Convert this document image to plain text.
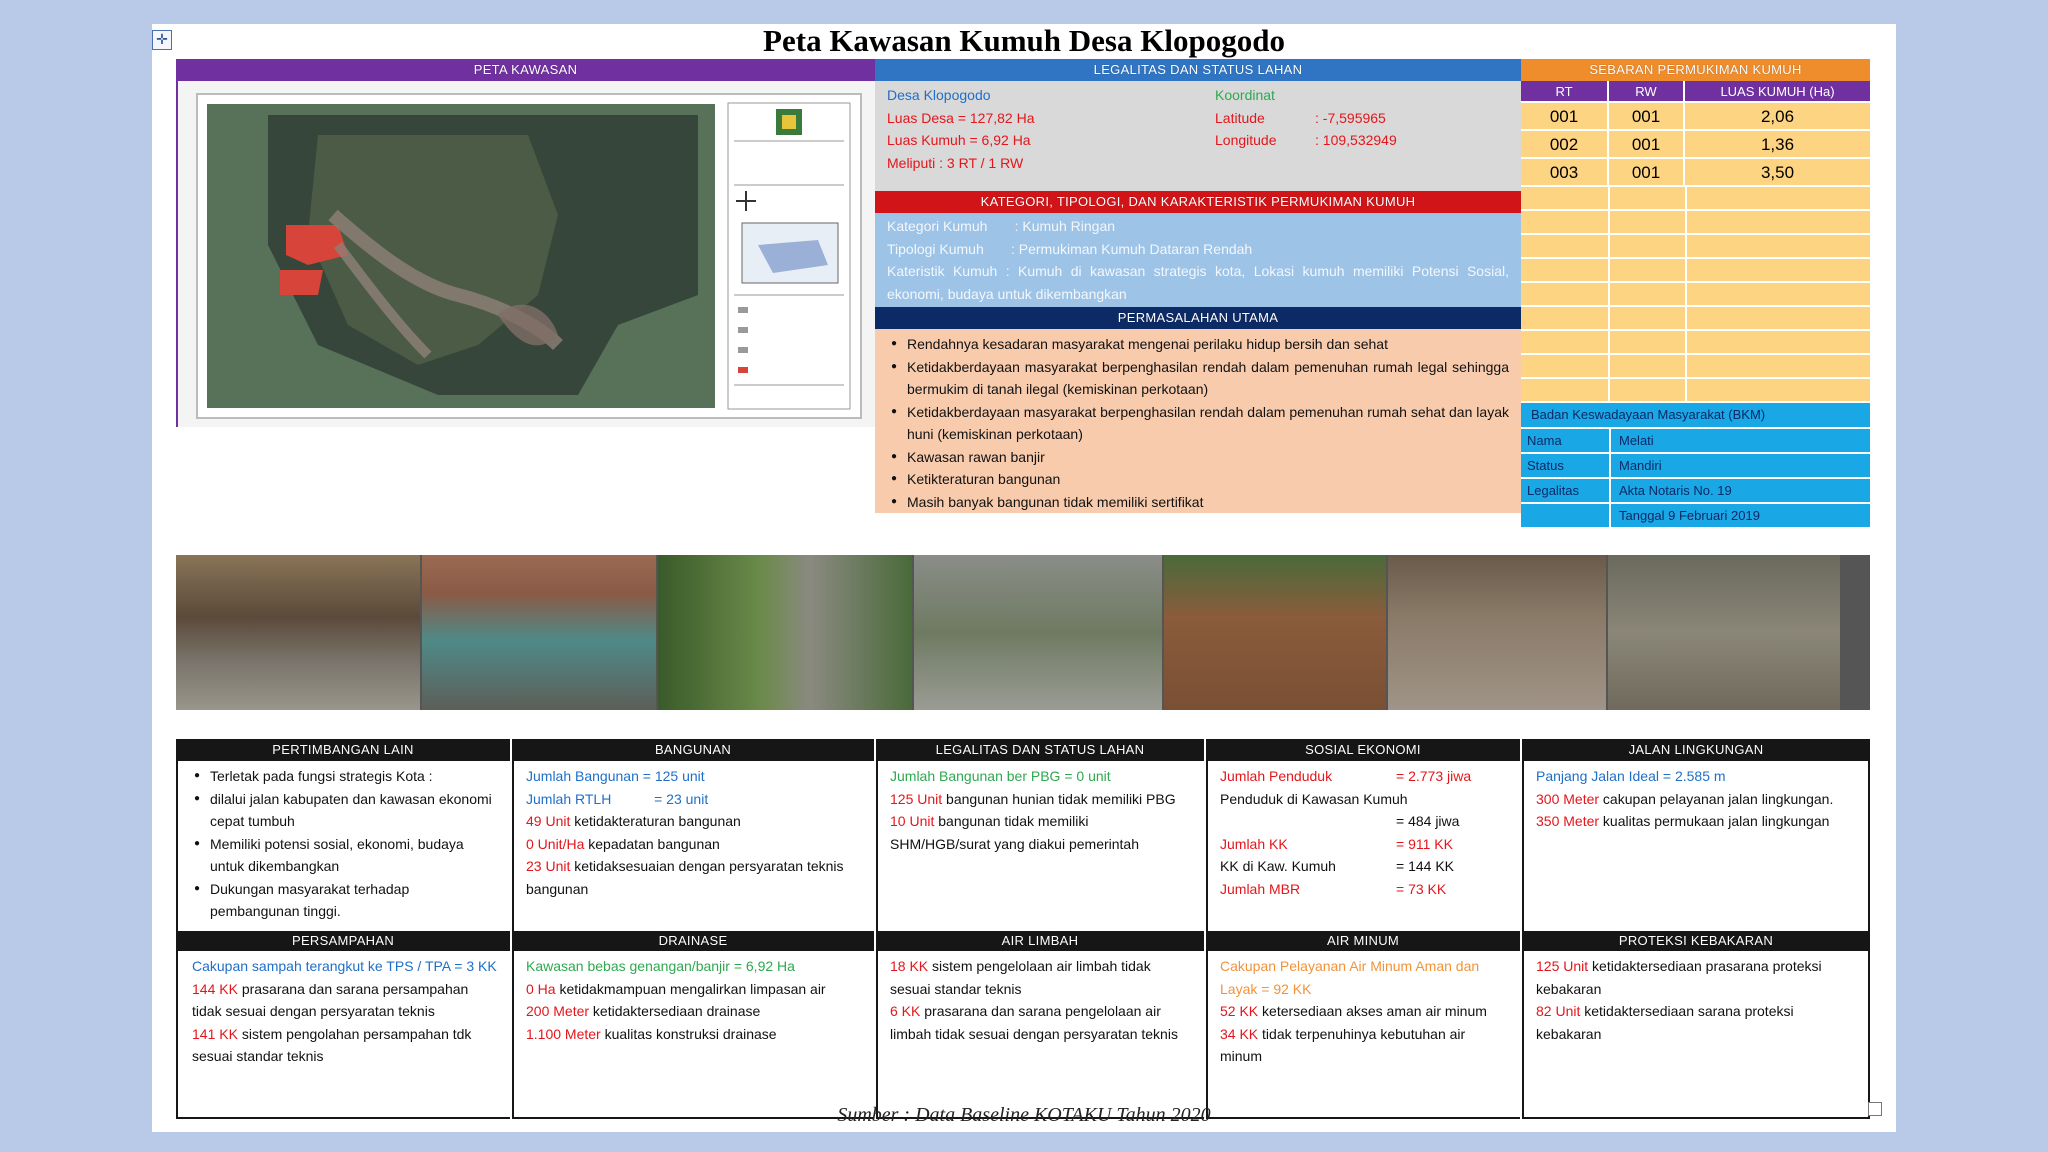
✛	Peta Kawasan Kumuh Desa Klopogodo
PETA KAWASAN	LEGALITAS DAN STATUS LAHAN
Desa Klopogodo
Luas Desa = 127,82 Ha
Luas Kumuh = 6,92 Ha
Meliputi : 3 RT / 1 RW
Koordinat
Latitude	: -7,595965
Longitude	: 109,532949
KATEGORI, TIPOLOGI, DAN KARAKTERISTIK PERMUKIMAN KUMUH
Kategori Kumuh       : Kumuh Ringan
Tipologi Kumuh       : Permukiman Kumuh Dataran Rendah
Kateristik Kumuh : Kumuh di kawasan strategis kota, Lokasi kumuh memiliki Potensi Sosial, ekonomi, budaya untuk dikembangkan
PERMASALAHAN UTAMA
● Rendahnya kesadaran masyarakat mengenai perilaku hidup bersih dan sehat
● Ketidakberdayaan masyarakat berpenghasilan rendah dalam pemenuhan rumah legal sehingga bermukim di tanah ilegal (kemiskinan perkotaan)
● Ketidakberdayaan masyarakat berpenghasilan rendah dalam pemenuhan rumah sehat dan layak huni (kemiskinan perkotaan)
● Kawasan rawan banjir
● Ketikteraturan bangunan
● Masih banyak bangunan tidak memiliki sertifikat
SEBARAN PERMUKIMAN KUMUH
RT	RW	LUAS KUMUH (Ha)
001	001	2,06
002	001	1,36
003	001	3,50
Badan Keswadayaan Masyarakat (BKM)
Nama	Melati
Status	Mandiri
Legalitas	Akta Notaris No. 19
Tanggal 9 Februari 2019
PERTIMBANGAN LAIN	BANGUNAN	LEGALITAS DAN STATUS LAHAN	SOSIAL EKONOMI	JALAN LINGKUNGAN
● Terletak pada fungsi strategis Kota :
● dilalui jalan kabupaten dan kawasan ekonomi cepat tumbuh
● Memiliki potensi sosial, ekonomi, budaya untuk dikembangkan
● Dukungan masyarakat terhadap pembangunan tinggi.
Jumlah Bangunan = 125 unit
Jumlah RTLH           = 23 unit
49 Unit ketidakteraturan bangunan
0 Unit/Ha kepadatan bangunan
23 Unit ketidaksesuaian dengan persyaratan teknis bangunan
Jumlah Bangunan ber PBG = 0 unit
125 Unit bangunan hunian tidak memiliki PBG
10 Unit bangunan tidak memiliki SHM/HGB/surat yang diakui pemerintah
Jumlah Penduduk	= 2.773 jiwa
Penduduk di Kawasan Kumuh
= 484 jiwa
Jumlah KK	= 911 KK
KK di Kaw. Kumuh	= 144 KK
Jumlah MBR	= 73 KK
Panjang Jalan Ideal = 2.585 m
300 Meter cakupan pelayanan jalan lingkungan.
350 Meter kualitas permukaan jalan lingkungan
PERSAMPAHAN	DRAINASE	AIR LIMBAH	AIR MINUM	PROTEKSI KEBAKARAN
Cakupan sampah terangkut ke TPS / TPA = 3 KK
144 KK prasarana dan sarana persampahan tidak sesuai dengan persyaratan teknis
141 KK sistem pengolahan persampahan tdk sesuai standar teknis
Kawasan bebas genangan/banjir = 6,92 Ha
0 Ha ketidakmampuan mengalirkan limpasan air
200 Meter ketidaktersediaan drainase
1.100 Meter kualitas konstruksi drainase
18 KK sistem pengelolaan air limbah tidak sesuai standar teknis
6 KK prasarana dan sarana pengelolaan air limbah tidak sesuai dengan persyaratan teknis
Cakupan Pelayanan Air Minum Aman dan Layak = 92 KK
52 KK ketersediaan akses aman air minum
34 KK tidak terpenuhinya kebutuhan air minum
125 Unit ketidaktersediaan prasarana proteksi kebakaran
82 Unit ketidaktersediaan sarana proteksi kebakaran
Sumber : Data Baseline KOTAKU Tahun 2020
